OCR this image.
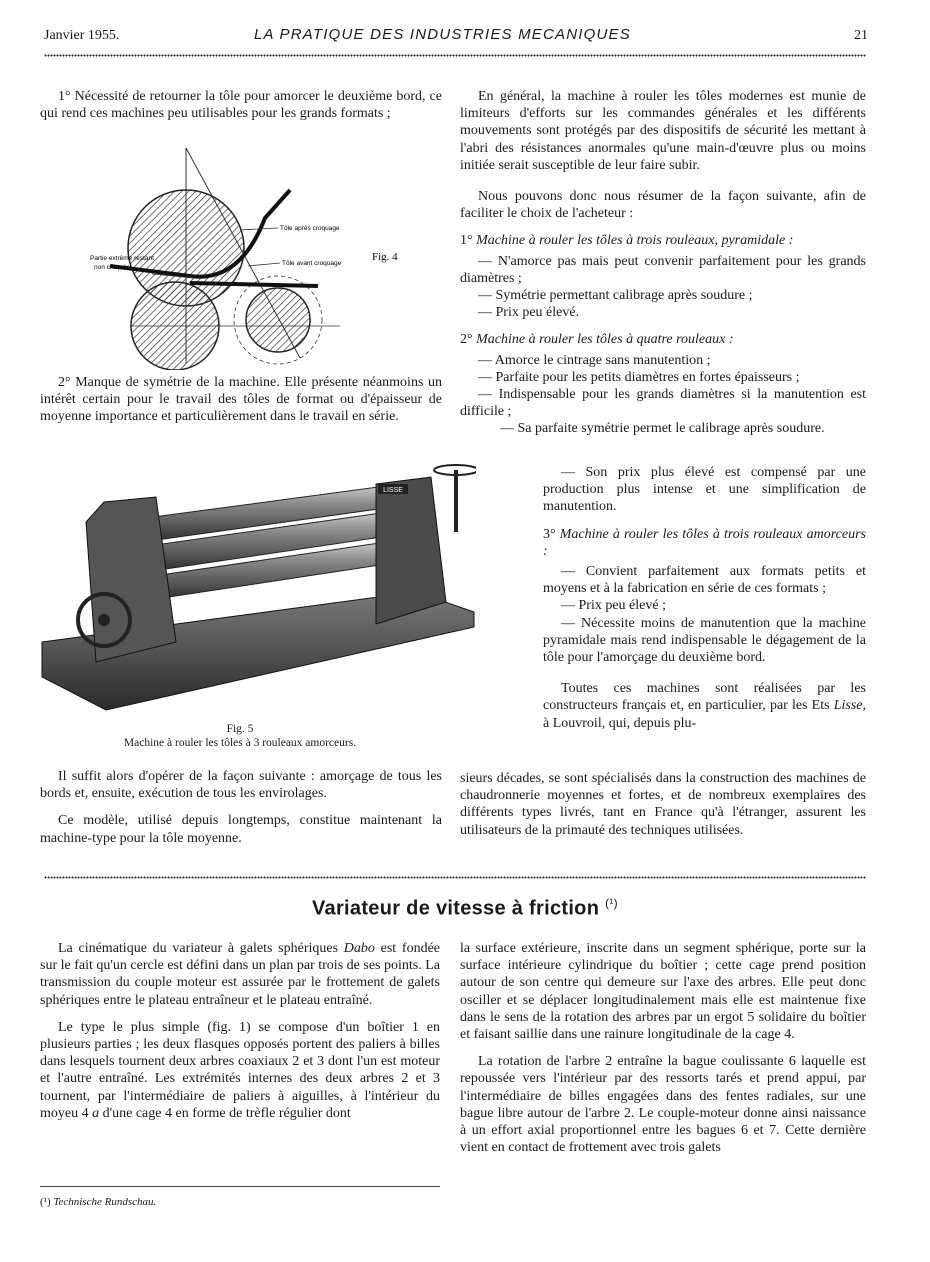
Janvier 1955.	LA PRATIQUE DES INDUSTRIES MECANIQUES	21

1° Nécessité de retourner la tôle pour amorcer le deuxième bord, ce qui rend ces machines peu utilisables pour les grands formats ;

Tôle après croquage
Tôle avant croquage
Partie extrême restant
non croquée
Fig. 4

2° Manque de symétrie de la machine. Elle présente néanmoins un intérêt certain pour le travail des tôles de format ou d'épaisseur de moyenne importance et particulièrement dans le travail en série.

LISSE
Fig. 5
Machine à rouler les tôles à 3 rouleaux amorceurs.

Il suffit alors d'opérer de la façon suivante : amorçage de tous les bords et, ensuite, exécution de tous les envirolages.

Ce modèle, utilisé depuis longtemps, constitue maintenant la machine-type pour la tôle moyenne.

En général, la machine à rouler les tôles modernes est munie de limiteurs d'efforts sur les commandes générales et les différents mouvements sont protégés par des dispositifs de sécurité les mettant à l'abri des résistances anormales qu'une main-d'œuvre plus ou moins initiée serait susceptible de leur faire subir.

Nous pouvons donc nous résumer de la façon suivante, afin de faciliter le choix de l'acheteur :

1° Machine à rouler les tôles à trois rouleaux, pyramidale :

— N'amorce pas mais peut convenir parfaitement pour les grands diamètres ;

— Symétrie permettant calibrage après soudure ;

— Prix peu élevé.

2° Machine à rouler les tôles à quatre rouleaux :

— Amorce le cintrage sans manutention ;

— Parfaite pour les petits diamètres en fortes épaisseurs ;

— Indispensable pour les grands diamètres si la manutention est difficile ;

— Sa parfaite symétrie permet le calibrage après soudure.

— Son prix plus élevé est compensé par une production plus intense et une simplification de manutention.

3° Machine à rouler les tôles à trois rouleaux amorceurs :

— Convient parfaitement aux formats petits et moyens et à la fabrication en série de ces formats ;

— Prix peu élevé ;

— Nécessite moins de manutention que la machine pyramidale mais rend indispensable le dégagement de la tôle pour l'amorçage du deuxième bord.

Toutes ces machines sont réalisées par les constructeurs français et, en particulier, par les Ets Lisse, à Louvroil, qui, depuis plu-

sieurs décades, se sont spécialisés dans la construction des machines de chaudronnerie moyennes et fortes, et de nombreux exemplaires des différents types livrés, tant en France qu'à l'étranger, assurent les utilisateurs de la primauté des techniques utilisées.

Variateur de vitesse à friction $^{(^1)}$

La cinématique du variateur à galets sphériques Dabo est fondée sur le fait qu'un cercle est défini dans un plan par trois de ses points. La transmission du couple moteur est assurée par le frottement de galets sphériques entre le plateau entraîneur et le plateau entraîné.

Le type le plus simple (fig. 1) se compose d'un boîtier 1 en plusieurs parties ; les deux flasques opposés portent des paliers à billes dans lesquels tournent deux arbres coaxiaux 2 et 3 dont l'un est moteur et l'autre entraîné. Les extrémités internes des deux arbres 2 et 3 tournent, par l'intermédiaire de paliers à aiguilles, à l'intérieur du moyeu 4 a d'une cage 4 en forme de trèfle régulier dont

(¹) Technische Rundschau.

la surface extérieure, inscrite dans un segment sphérique, porte sur la surface intérieure cylindrique du boîtier ; cette cage prend position autour de son centre qui demeure sur l'axe des arbres. Elle peut donc osciller et se déplacer longitudinalement mais elle est maintenue fixe dans le sens de la rotation des arbres par un ergot 5 solidaire du boîtier et faisant saillie dans une rainure longitudinale de la cage 4.

La rotation de l'arbre 2 entraîne la bague coulissante 6 laquelle est repoussée vers l'intérieur par des ressorts tarés et prend appui, par l'intermédiaire de billes engagées dans des fentes radiales, sur une bague libre autour de l'arbre 2. Le couple-moteur donne ainsi naissance à un effort axial proportionnel entre les bagues 6 et 7. Cette dernière vient en contact de frottement avec trois galets
